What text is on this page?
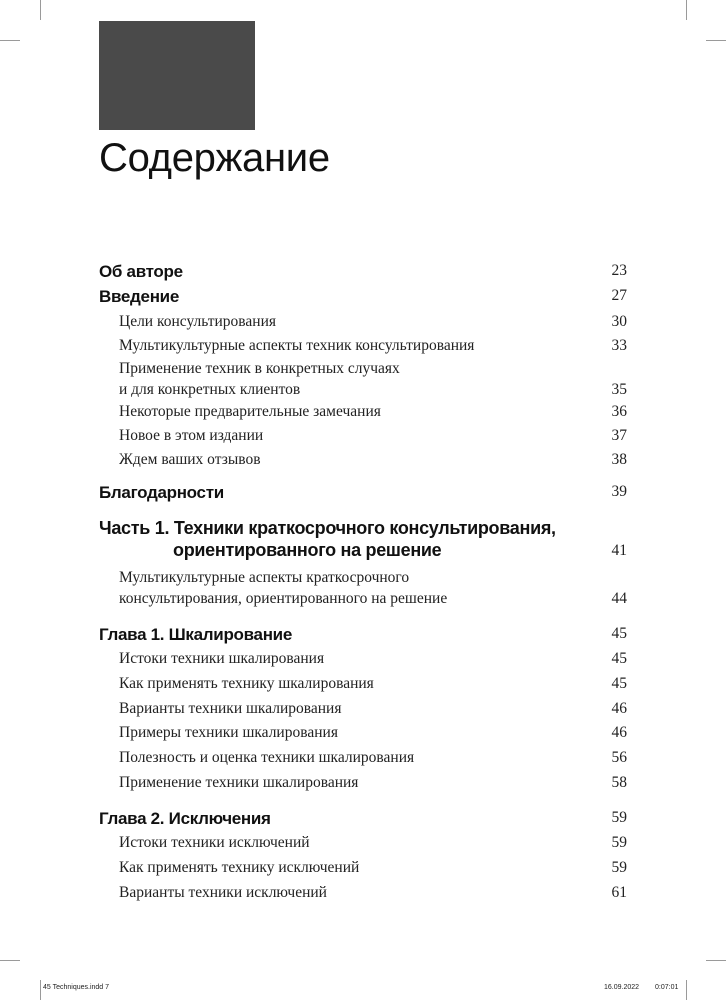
Содержание
Об авторе	23
Введение	27
Цели консультирования	30
Мультикультурные аспекты техник консультирования	33
Применение техник в конкретных случаях
и для конкретных клиентов	35
Некоторые предварительные замечания	36
Новое в этом издании	37
Ждем ваших отзывов	38
Благодарности	39
Часть 1. Техники краткосрочного консультирования,
ориентированного на решение	41
Мультикультурные аспекты краткосрочного
консультирования, ориентированного на решение	44
Глава 1. Шкалирование	45
Истоки техники шкалирования	45
Как применять технику шкалирования	45
Варианты техники шкалирования	46
Примеры техники шкалирования	46
Полезность и оценка техники шкалирования	56
Применение техники шкалирования	58
Глава 2. Исключения	59
Истоки техники исключений	59
Как применять технику исключений	59
Варианты техники исключений	61
45 Techniques.indd 7	16.09.2022 0:07:01
